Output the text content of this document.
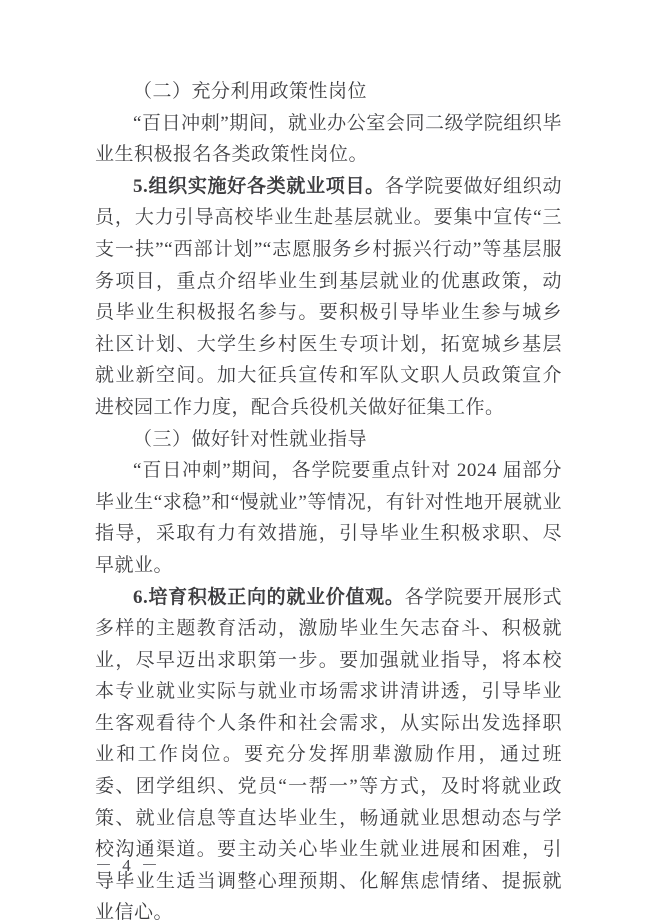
（二）充分利用政策性岗位

“百日冲刺”期间，就业办公室会同二级学院组织毕业生积极报名各类政策性岗位。

5.组织实施好各类就业项目。各学院要做好组织动员，大力引导高校毕业生赴基层就业。要集中宣传“三支一扶”“西部计划”“志愿服务乡村振兴行动”等基层服务项目，重点介绍毕业生到基层就业的优惠政策，动员毕业生积极报名参与。要积极引导毕业生参与城乡社区计划、大学生乡村医生专项计划，拓宽城乡基层就业新空间。加大征兵宣传和军队文职人员政策宣介进校园工作力度，配合兵役机关做好征集工作。

（三）做好针对性就业指导

“百日冲刺”期间，各学院要重点针对 2024 届部分毕业生“求稳”和“慢就业”等情况，有针对性地开展就业指导，采取有力有效措施，引导毕业生积极求职、尽早就业。

6.培育积极正向的就业价值观。各学院要开展形式多样的主题教育活动，激励毕业生矢志奋斗、积极就业，尽早迈出求职第一步。要加强就业指导，将本校本专业就业实际与就业市场需求讲清讲透，引导毕业生客观看待个人条件和社会需求，从实际出发选择职业和工作岗位。要充分发挥朋辈激励作用，通过班委、团学组织、党员“一帮一”等方式，及时将就业政策、就业信息等直达毕业生，畅通就业思想动态与学校沟通渠道。要主动关心毕业生就业进展和困难，引导毕业生适当调整心理预期、化解焦虑情绪、提振就业信心。

－ 4 －
